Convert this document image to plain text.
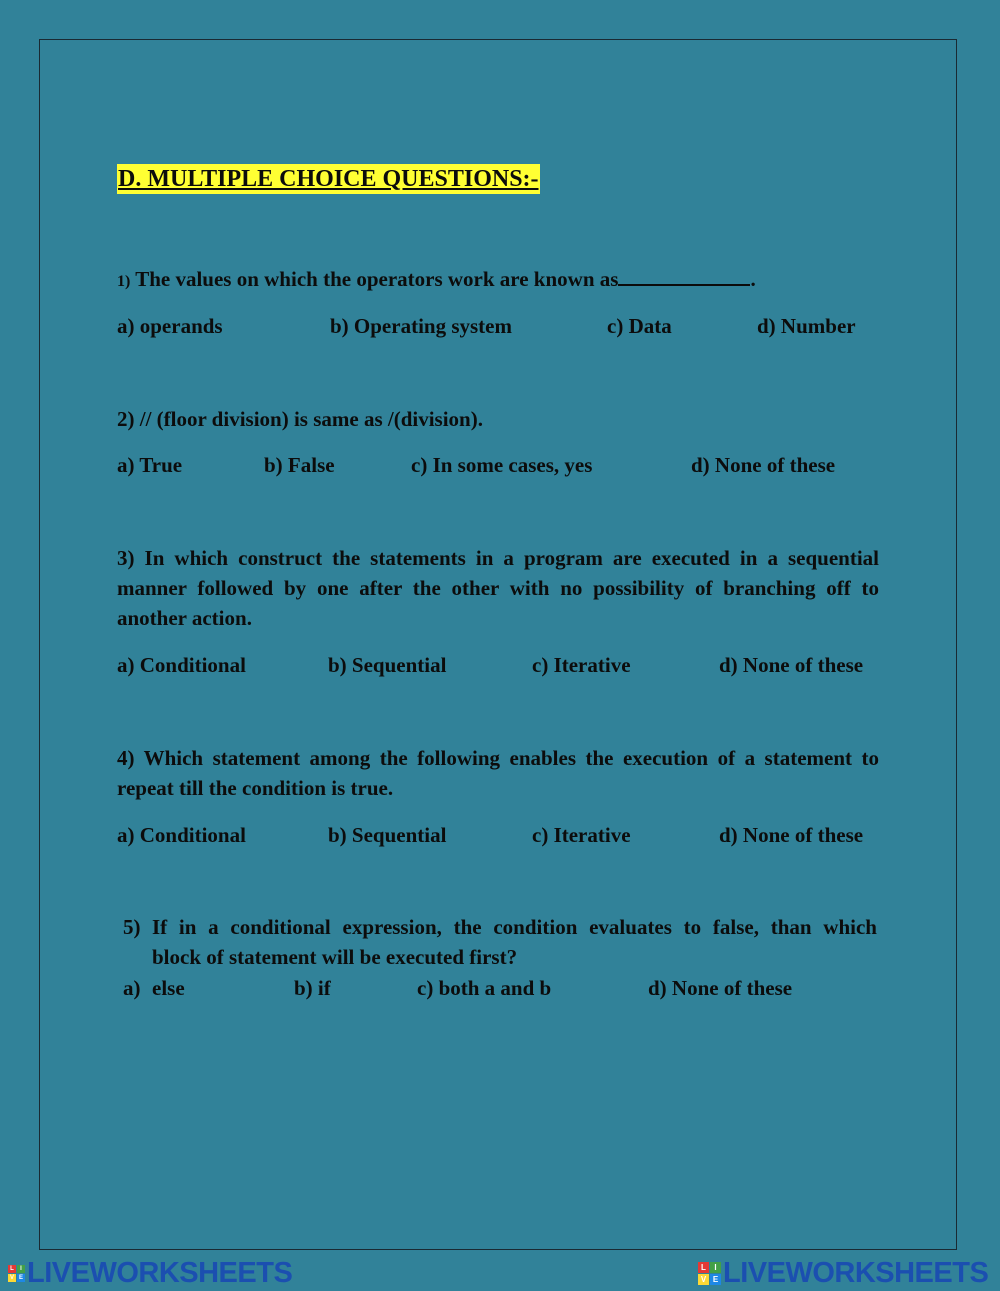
D. MULTIPLE CHOICE QUESTIONS:-
1) The values on which the operators work are known as	.
a) operands	b) Operating system	c) Data	d) Number
2) // (floor division) is same as /(division).
a) True	b) False	c) In some cases, yes	d) None of these
3) In which construct the statements in a program are executed in a sequential manner followed by one after the other with no possibility of branching off to another action.
a) Conditional	b) Sequential	c) Iterative	d) None of these
4) Which statement among the following enables the execution of a statement to repeat till the condition is true.
a) Conditional	b) Sequential	c) Iterative	d) None of these
5) If in a conditional expression, the condition evaluates to false, than which
block of statement will be executed first?
a) else	b) if	c) both a and b	d) None of these
L	I
V E LIVEWORKSHEETS	L	I
V E LIVEWORKSHEETS
